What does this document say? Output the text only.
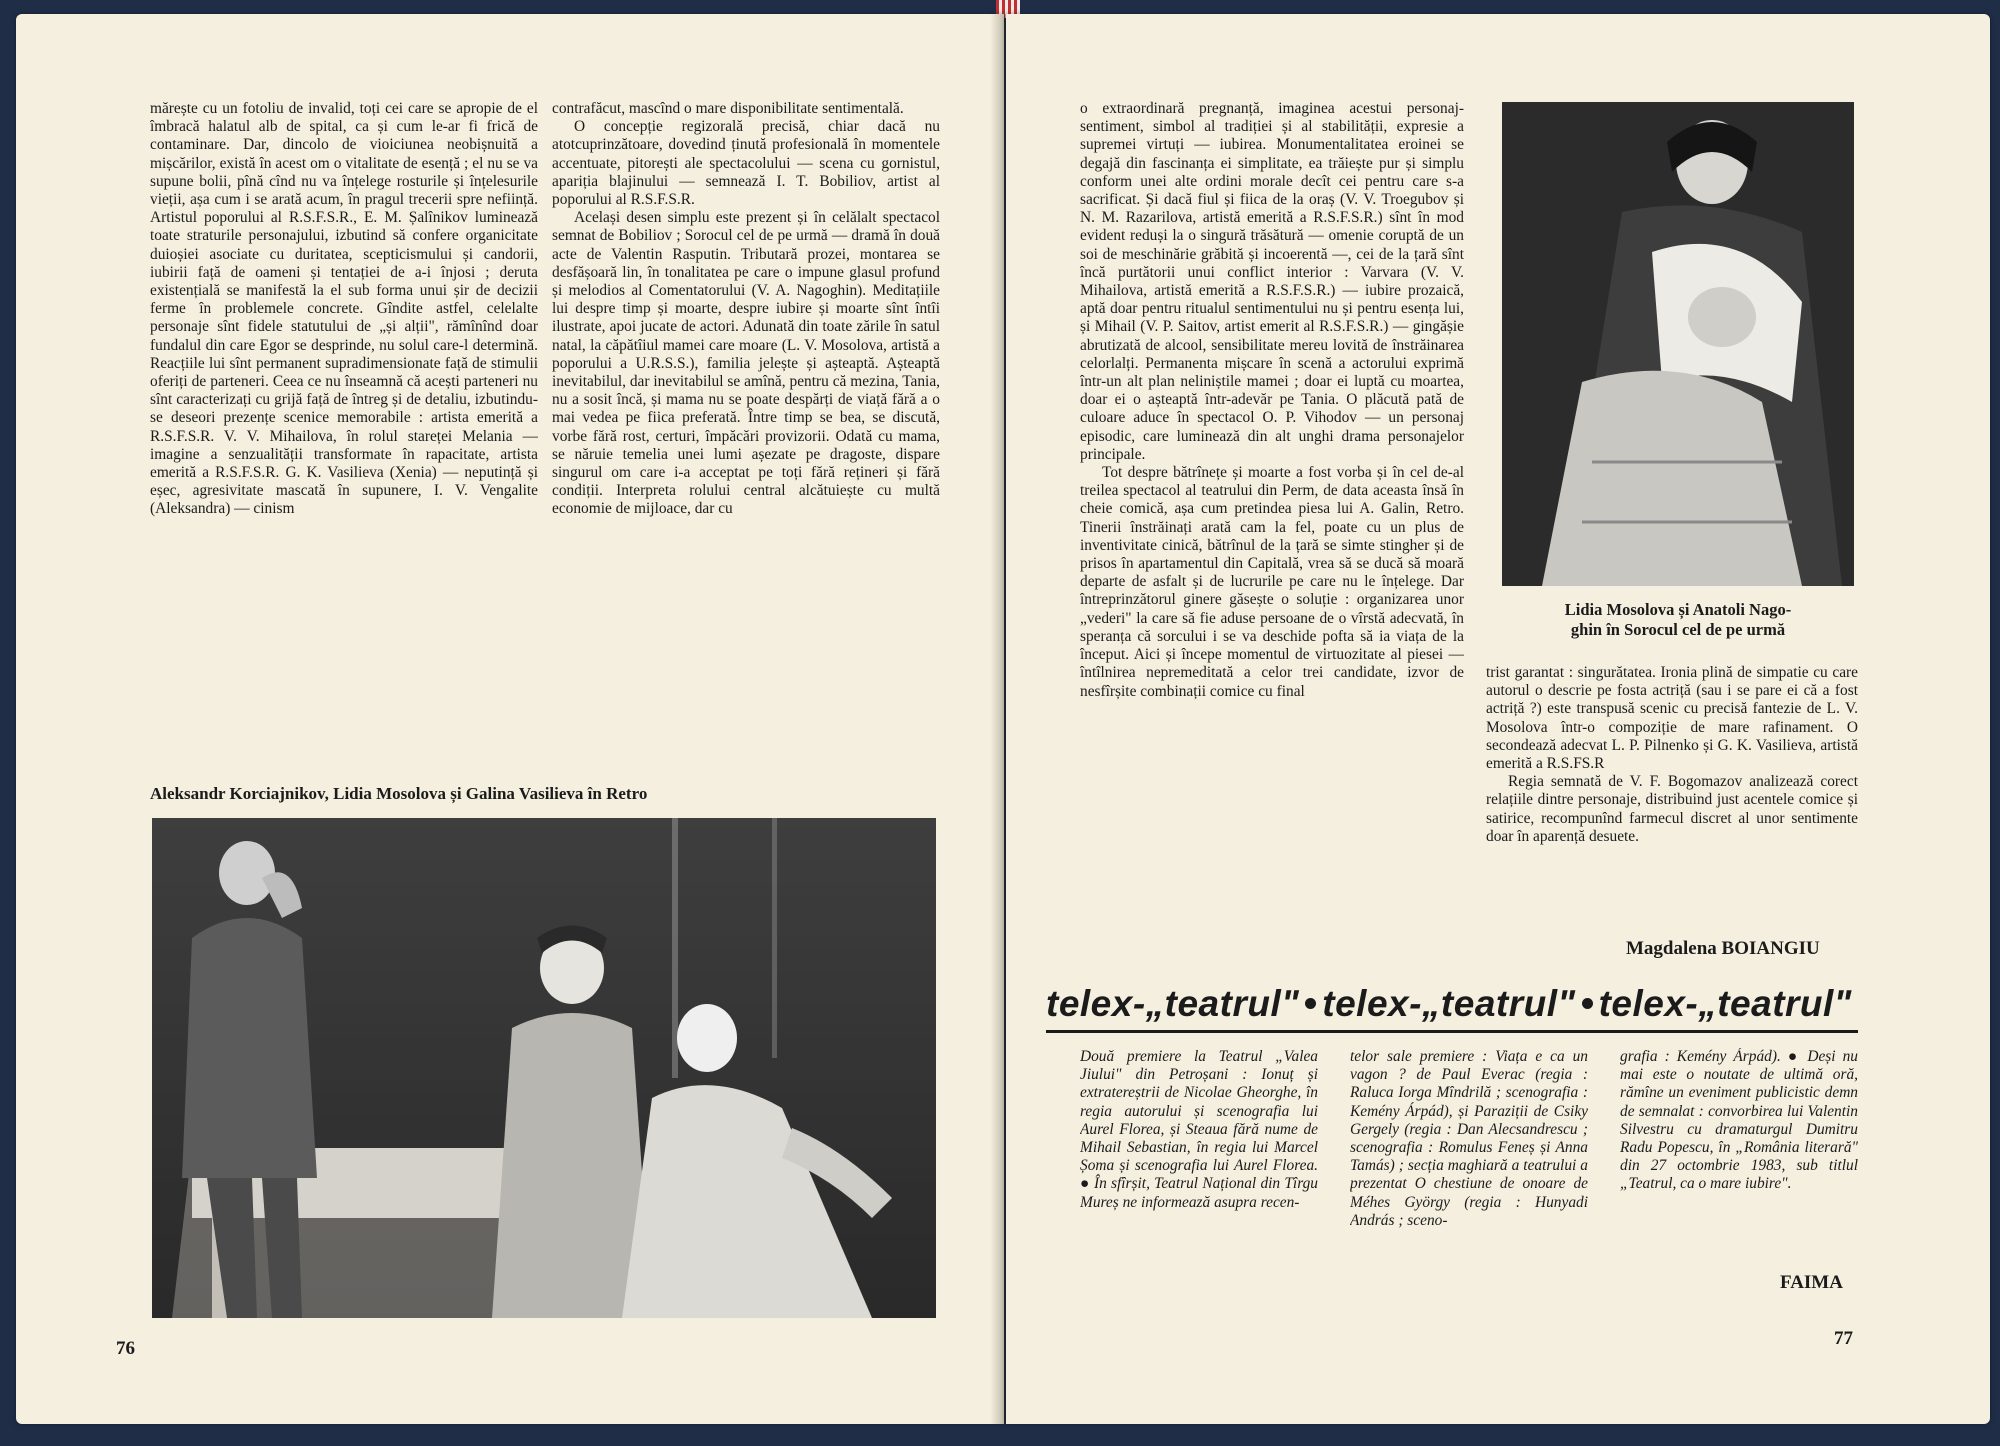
mărește cu un fotoliu de invalid, toți cei care se apropie de el îmbracă halatul alb de spital, ca și cum le-ar fi frică de contaminare. Dar, dincolo de vioiciunea neobișnuită a mișcărilor, există în acest om o vitalitate de esență ; el nu se va supune bolii, pînă cînd nu va înțelege rosturile și înțelesurile vieții, așa cum i se arată acum, în pragul trecerii spre neființă. Artistul poporului al R.S.F.S.R., E. M. Șalînikov luminează toate straturile personajului, izbutind să confere organicitate duioșiei asociate cu duritatea, scepticismului și candorii, iubirii față de oameni și tentației de a-i înjosi ; deruta existențială se manifestă la el sub forma unui șir de decizii ferme în problemele concrete. Gîndite astfel, celelalte personaje sînt fidele statutului de „și alții", rămînînd doar fundalul din care Egor se desprinde, nu solul care-l determină. Reacțiile lui sînt permanent supradimensionate față de stimulii oferiți de parteneri. Ceea ce nu înseamnă că acești parteneri nu sînt caracterizați cu grijă față de întreg și de detaliu, izbutindu-se deseori prezențe scenice memorabile : artista emerită a R.S.F.S.R. V. V. Mihailova, în rolul stareței Melania — imagine a senzualității transformate în rapacitate, artista emerită a R.S.F.S.R. G. K. Vasilieva (Xenia) — neputință și eșec, agresivitate mascată în supunere, I. V. Vengalite (Aleksandra) — cinism

contrafăcut, mascînd o mare disponibilitate sentimentală.

O concepție regizorală precisă, chiar dacă nu atotcuprinzătoare, dovedind ținută profesională în momentele accentuate, pitorești ale spectacolului — scena cu gornistul, apariția blajinului — semnează I. T. Bobiliov, artist al poporului al R.S.F.S.R.

Același desen simplu este prezent și în celălalt spectacol semnat de Bobiliov ; Sorocul cel de pe urmă — dramă în două acte de Valentin Rasputin. Tributară prozei, montarea se desfășoară lin, în tonalitatea pe care o impune glasul profund și melodios al Comentatorului (V. A. Nagoghin). Meditațiile lui despre timp și moarte, despre iubire și moarte sînt întîi ilustrate, apoi jucate de actori. Adunată din toate zările în satul natal, la căpătîiul mamei care moare (L. V. Mosolova, artistă a poporului a U.R.S.S.), familia jelește și așteaptă. Așteaptă inevitabilul, dar inevitabilul se amînă, pentru că mezina, Tania, nu a sosit încă, și mama nu se poate despărți de viață fără a o mai vedea pe fiica preferată. Între timp se bea, se discută, vorbe fără rost, certuri, împăcări provizorii. Odată cu mama, se năruie temelia unei lumi așezate pe dragoste, dispare singurul om care i-a acceptat pe toți fără rețineri și fără condiții. Interpreta rolului central alcătuiește cu multă economie de mijloace, dar cu

Aleksandr Korciajnikov, Lidia Mosolova și Galina Vasilieva în Retro
76

o extraordinară pregnanță, imaginea acestui personaj-sentiment, simbol al tradiției și al stabilității, expresie a supremei virtuți — iubirea. Monumentalitatea eroinei se degajă din fascinanța ei simplitate, ea trăiește pur și simplu conform unei alte ordini morale decît cei pentru care s-a sacrificat. Și dacă fiul și fiica de la oraș (V. V. Troegubov și N. M. Razarilova, artistă emerită a R.S.F.S.R.) sînt în mod evident reduși la o singură trăsătură — omenie coruptă de un soi de meschinărie grăbită și incoerentă —, cei de la țară sînt încă purtătorii unui conflict interior : Varvara (V. V. Mihailova, artistă emerită a R.S.F.S.R.) — iubire prozaică, aptă doar pentru ritualul sentimentului nu și pentru esența lui, și Mihail (V. P. Saitov, artist emerit al R.S.F.S.R.) — gingășie abrutizată de alcool, sensibilitate mereu lovită de înstrăinarea celorlalți. Permanenta mișcare în scenă a actorului exprimă într-un alt plan neliniștile mamei ; doar ei luptă cu moartea, doar ei o așteaptă într-adevăr pe Tania. O plăcută pată de culoare aduce în spectacol O. P. Vihodov — un personaj episodic, care luminează din alt unghi drama personajelor principale.

Tot despre bătrînețe și moarte a fost vorba și în cel de-al treilea spectacol al teatrului din Perm, de data aceasta însă în cheie comică, așa cum pretindea piesa lui A. Galin, Retro. Tinerii înstrăinați arată cam la fel, poate cu un plus de inventivitate cinică, bătrînul de la țară se simte stingher și de prisos în apartamentul din Capitală, vrea să se ducă să moară departe de asfalt și de lucrurile pe care nu le înțelege. Dar întreprinzătorul ginere găsește o soluție : organizarea unor „vederi" la care să fie aduse persoane de o vîrstă adecvată, în speranța că sorcului i se va deschide pofta să ia viața de la început. Aici și începe momentul de virtuozitate al piesei — întîlnirea nepremeditată a celor trei candidate, izvor de nesfîrșite combinații comice cu final

Lidia Mosolova și Anatoli Nago-
ghin în Sorocul cel de pe urmă

trist garantat : singurătatea. Ironia plină de simpatie cu care autorul o descrie pe fosta actriță (sau i se pare ei că a fost actriță ?) este transpusă scenic cu precisă fantezie de L. V. Mosolova într-o compoziție de mare rafinament. O secondează adecvat L. P. Pilnenko și G. K. Vasilieva, artistă emerită a R.S.FS.R

Regia semnată de V. F. Bogomazov analizează corect relațiile dintre personaje, distribuind just acentele comice și satirice, recompunînd farmecul discret al unor sentimente doar în aparență desuete.

Magdalena BOIANGIU
77
telex-„teatrul" telex-„teatrul" telex-„teatrul"
Două premiere la Teatrul „Valea Jiului" din Petroșani : Ionuț și extratereștrii de Nicolae Gheorghe, în regia autorului și scenografia lui Aurel Florea, și Steaua fără nume de Mihail Sebastian, în regia lui Marcel Șoma și scenografia lui Aurel Florea. ● În sfîrșit, Teatrul Național din Tîrgu Mureș ne informează asupra recen-
telor sale premiere : Viața e ca un vagon ? de Paul Everac (regia : Raluca Iorga Mîndrilă ; scenografia : Kemény Árpád), și Paraziții de Csiky Gergely (regia : Dan Alecsandrescu ; scenografia : Romulus Feneș și Anna Tamás) ; secția maghiară a teatrului a prezentat O chestiune de onoare de Méhes György (regia : Hunyadi András ; sceno-
grafia : Kemény Árpád). ● Deși nu mai este o noutate de ultimă oră, rămîne un eveniment publicistic demn de semnalat : convorbirea lui Valentin Silvestru cu dramaturgul Dumitru Radu Popescu, în „România literară" din 27 octombrie 1983, sub titlul „Teatrul, ca o mare iubire".
FAIMA
